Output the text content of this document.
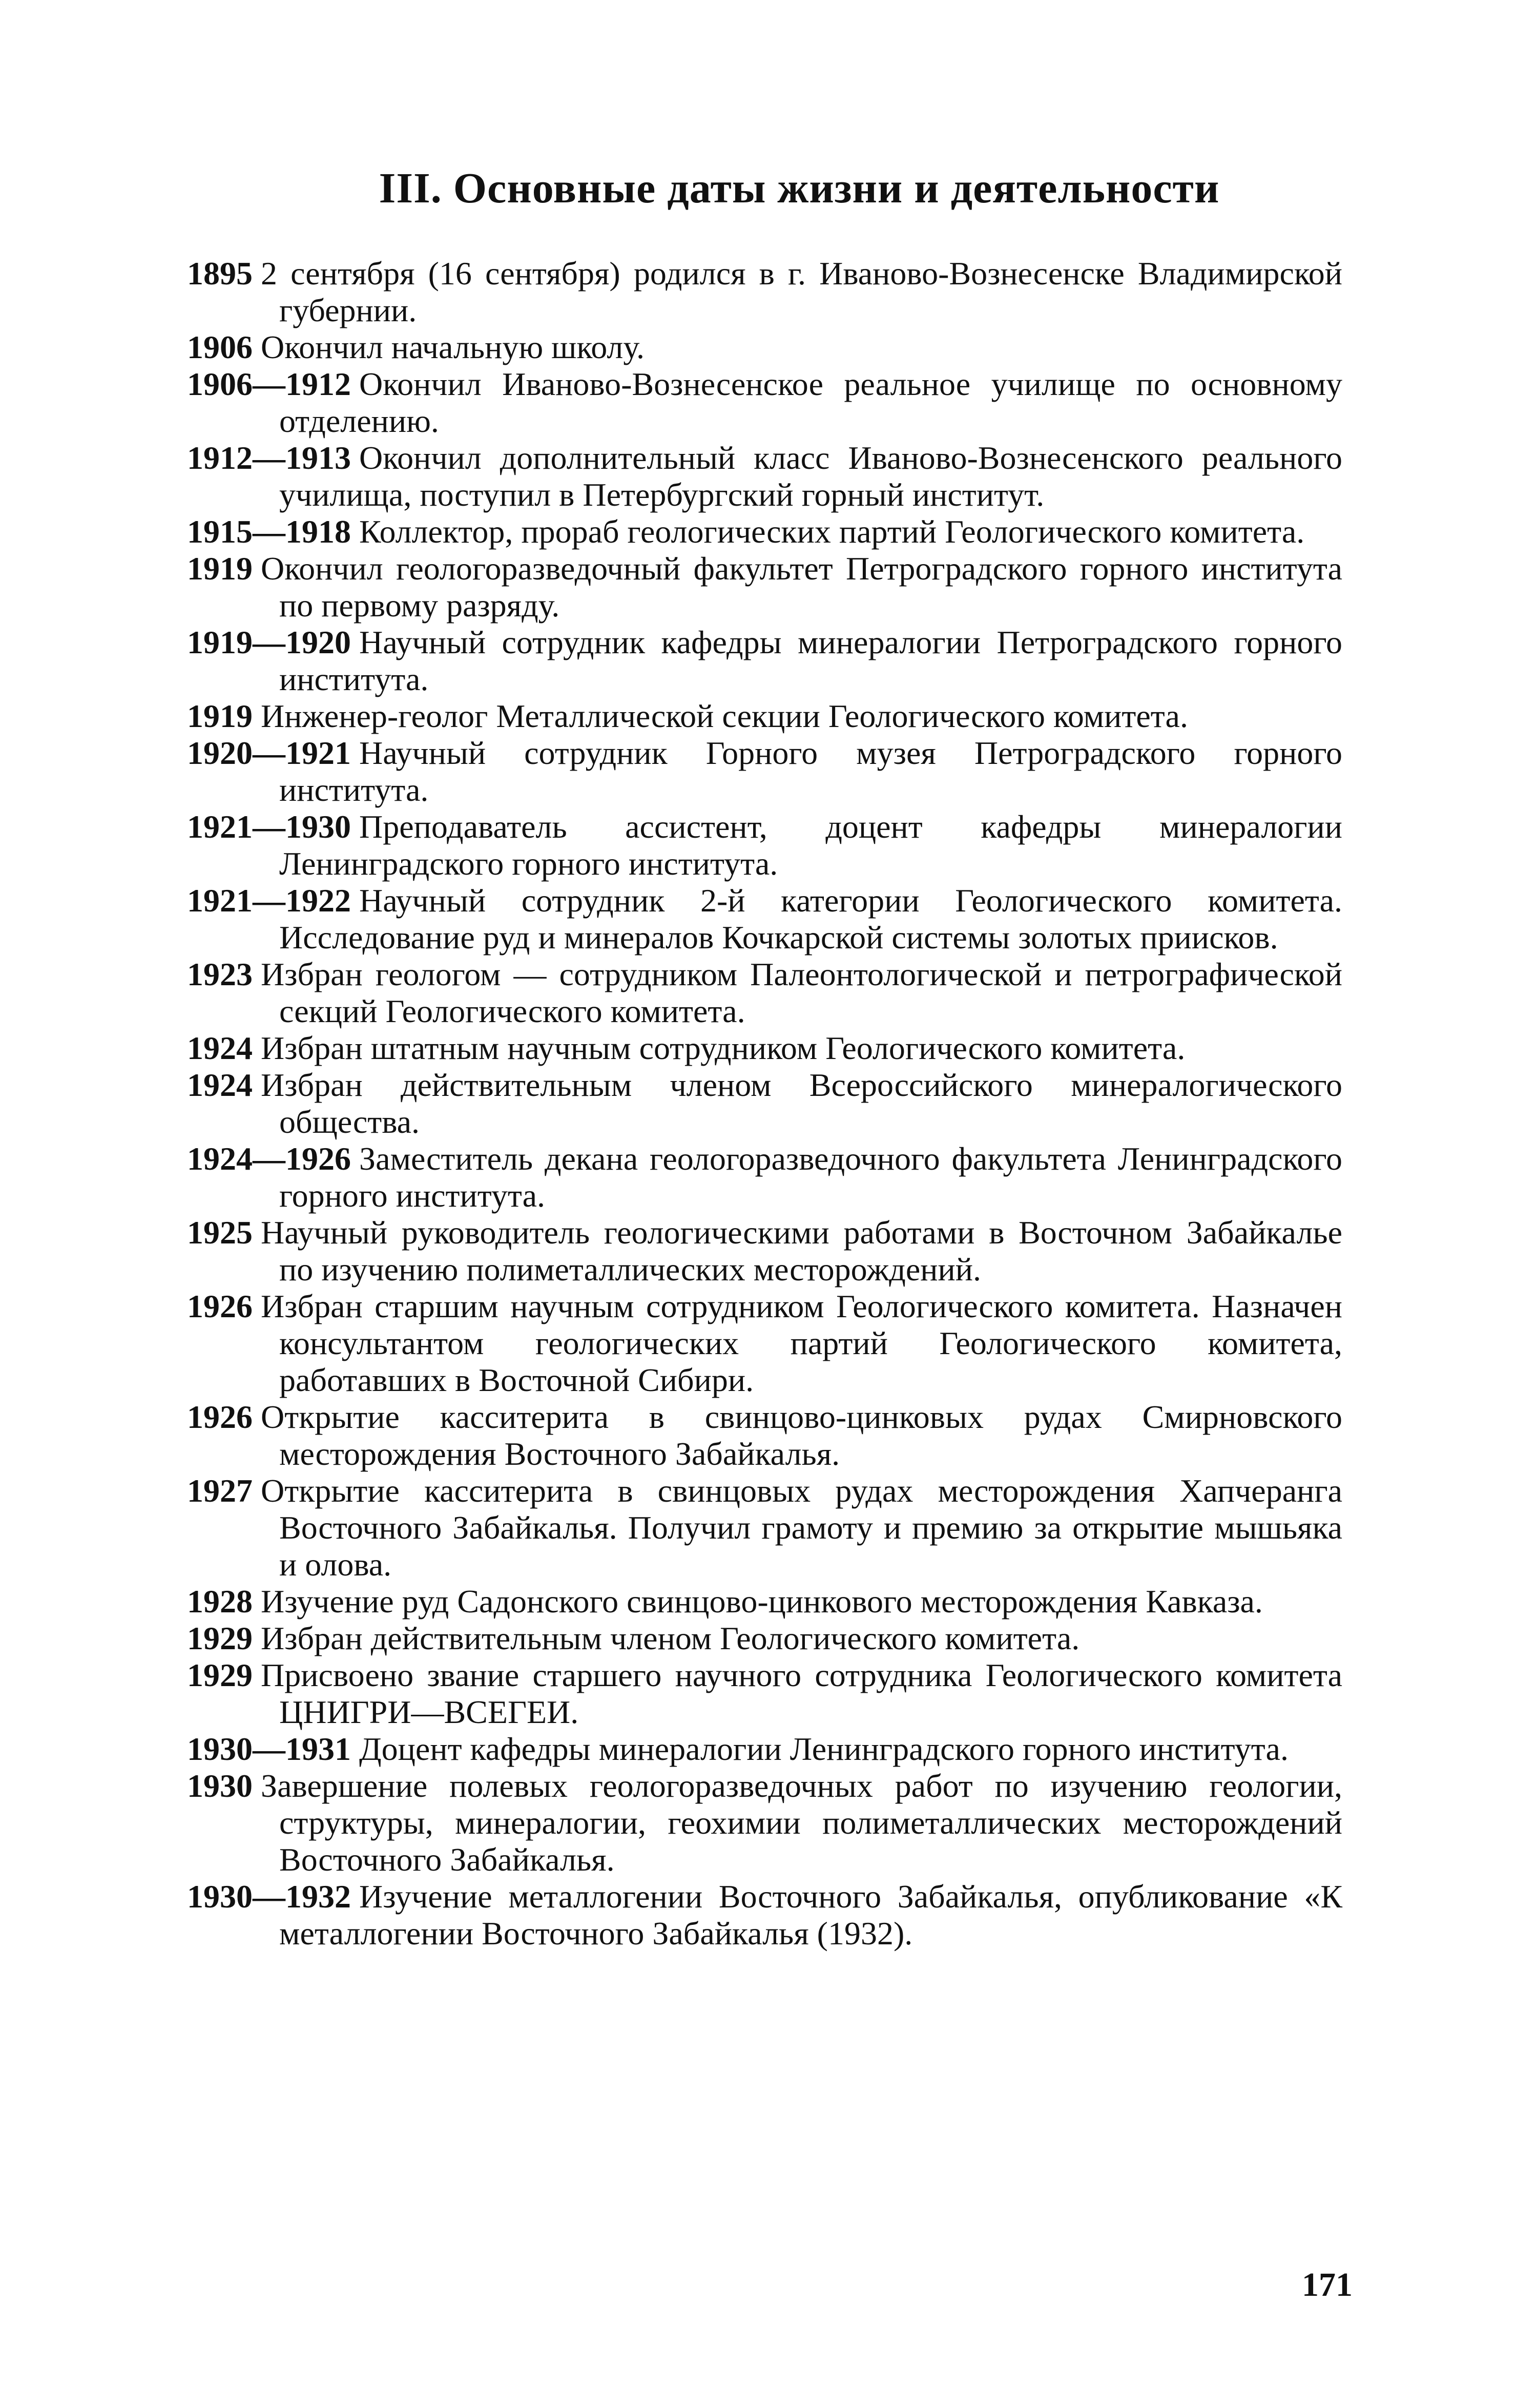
III. Основные даты жизни и деятельности

1895 2 сентября (16 сентября) родился в г. Иваново-Вознесенске Владимирской губернии.

1906 Окончил начальную школу.

1906—1912 Окончил Иваново-Вознесенское реальное училище по основному отделению.

1912—1913 Окончил дополнительный класс Иваново-Вознесенского реального училища, поступил в Петербургский горный институт.

1915—1918 Коллектор, прораб геологических партий Геологического комитета.

1919 Окончил геологоразведочный факультет Петроградского горного института по первому разряду.

1919—1920 Научный сотрудник кафедры минералогии Петроградского горного института.

1919 Инженер-геолог Металлической секции Геологического комитета.

1920—1921 Научный сотрудник Горного музея Петроградского горного института.

1921—1930 Преподаватель ассистент, доцент кафедры минералогии Ленинградского горного института.

1921—1922 Научный сотрудник 2-й категории Геологического комитета. Исследование руд и минералов Кочкарской системы золотых приисков.

1923 Избран геологом — сотрудником Палеонтологической и петрографической секций Геологического комитета.

1924 Избран штатным научным сотрудником Геологического комитета.

1924 Избран действительным членом Всероссийского минералогического общества.

1924—1926 Заместитель декана геологоразведочного факультета Ленинградского горного института.

1925 Научный руководитель геологическими работами в Восточном Забайкалье по изучению полиметаллических месторождений.

1926 Избран старшим научным сотрудником Геологического комитета. Назначен консультантом геологических партий Геологического комитета, работавших в Восточной Сибири.

1926 Открытие касситерита в свинцово-цинковых рудах Смирновского месторождения Восточного Забайкалья.

1927 Открытие касситерита в свинцовых рудах месторождения Хапчеранга Восточного Забайкалья. Получил грамоту и премию за открытие мышьяка и олова.

1928 Изучение руд Садонского свинцово-цинкового месторождения Кавказа.

1929 Избран действительным членом Геологического комитета.

1929 Присвоено звание старшего научного сотрудника Геологического комитета ЦНИГРИ—ВСЕГЕИ.

1930—1931 Доцент кафедры минералогии Ленинградского горного института.

1930 Завершение полевых геологоразведочных работ по изучению геологии, структуры, минералогии, геохимии полиметаллических месторождений Восточного Забайкалья.

1930—1932 Изучение металлогении Восточного Забайкалья, опубликование «К металлогении Восточного Забайкалья (1932).

171
